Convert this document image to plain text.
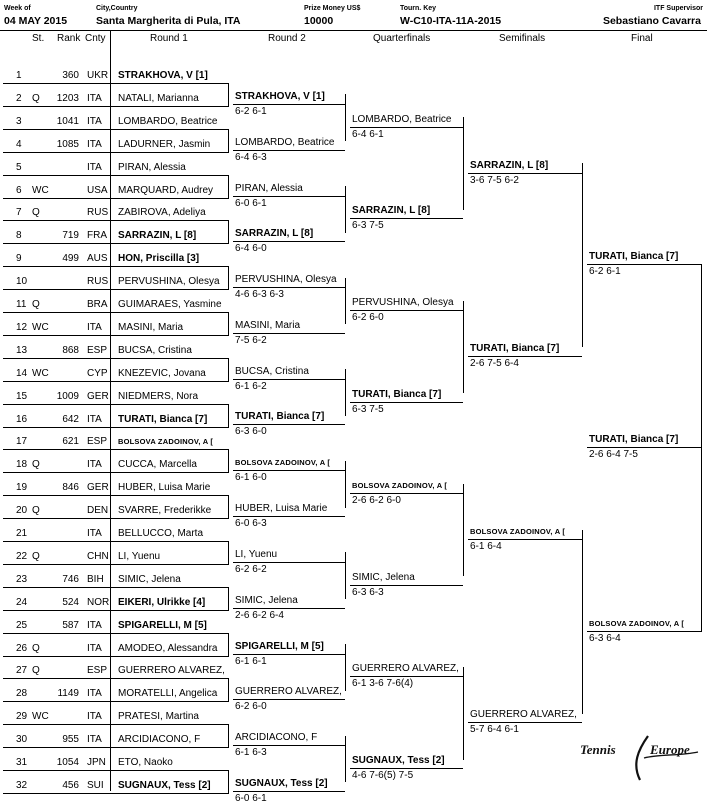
Week of
04 MAY 2015
City,Country
Santa Margherita di Pula, ITA
Prize Money US$
10000
Tourn. Key
W-C10-ITA-11A-2015
ITF Supervisor
Sebastiano Cavarra
St. Rank Cnty	Round 1	Round 2	Quarterfinals	Semifinals	Final
1	360 UKR STRAKHOVA, V [1]
2 Q 1203 ITA NATALI, Marianna
3	1041 ITA LOMBARDO, Beatrice
4	1085 ITA LADURNER, Jasmin
5	ITA PIRAN, Alessia
6 WC	USA MARQUARD, Audrey
7 Q	RUS ZABIROVA, Adeliya
8	719 FRA SARRAZIN, L [8]
9	499 AUS HON, Priscilla [3]
10	RUS PERVUSHINA, Olesya
11 Q	BRA GUIMARAES, Yasmine
12 WC	ITA MASINI, Maria
13	868 ESP BUCSA, Cristina
14 WC	CYP KNEZEVIC, Jovana
15	1009 GER NIEDMERS, Nora
16	642 ITA TURATI, Bianca [7]
17	621 ESP BOLSOVA ZADOINOV, A [
18 Q	ITA CUCCA, Marcella
19	846 GER HUBER, Luisa Marie
20 Q	DEN SVARRE, Frederikke
21	ITA BELLUCCO, Marta
22 Q	CHN LI, Yuenu
23	746 BIH SIMIC, Jelena
24	524 NOR EIKERI, Ulrikke [4]
25	587 ITA SPIGARELLI, M [5]
26 Q	ITA AMODEO, Alessandra
27 Q	ESP GUERRERO ALVAREZ,
28	1149 ITA MORATELLI, Angelica
29 WC	ITA PRATESI, Martina
30	955 ITA ARCIDIACONO, F
31	1054 JPN ETO, Naoko
32	456 SUI SUGNAUX, Tess [2]
STRAKHOVA, V [1]
6-2 6-1
LOMBARDO, Beatrice
6-4 6-3
PIRAN, Alessia
6-0 6-1
SARRAZIN, L [8]
6-4 6-0
PERVUSHINA, Olesya
4-6 6-3 6-3
MASINI, Maria
7-5 6-2
BUCSA, Cristina
6-1 6-2
TURATI, Bianca [7]
6-3 6-0
BOLSOVA ZADOINOV, A [
6-1 6-0
HUBER, Luisa Marie
6-0 6-3
LI, Yuenu
6-2 6-2
SIMIC, Jelena
2-6 6-2 6-4
SPIGARELLI, M [5]
6-1 6-1
GUERRERO ALVAREZ,
6-2 6-0
ARCIDIACONO, F
6-1 6-3
SUGNAUX, Tess [2]
6-0 6-1
LOMBARDO, Beatrice
6-4 6-1
SARRAZIN, L [8]
6-3 7-5
PERVUSHINA, Olesya
6-2 6-0
TURATI, Bianca [7]
6-3 7-5
BOLSOVA ZADOINOV, A [
2-6 6-2 6-0
SIMIC, Jelena
6-3 6-3
GUERRERO ALVAREZ,
6-1 3-6 7-6(4)
SUGNAUX, Tess [2]
4-6 7-6(5) 7-5
SARRAZIN, L [8]
3-6 7-5 6-2
TURATI, Bianca [7]
2-6 7-5 6-4
BOLSOVA ZADOINOV, A [
6-1 6-4
GUERRERO ALVAREZ,
5-7 6-4 6-1
TURATI, Bianca [7]
6-2 6-1
BOLSOVA ZADOINOV, A [
6-3 6-4
TURATI, Bianca [7]
2-6 6-4 7-5
Tennis	Europe
